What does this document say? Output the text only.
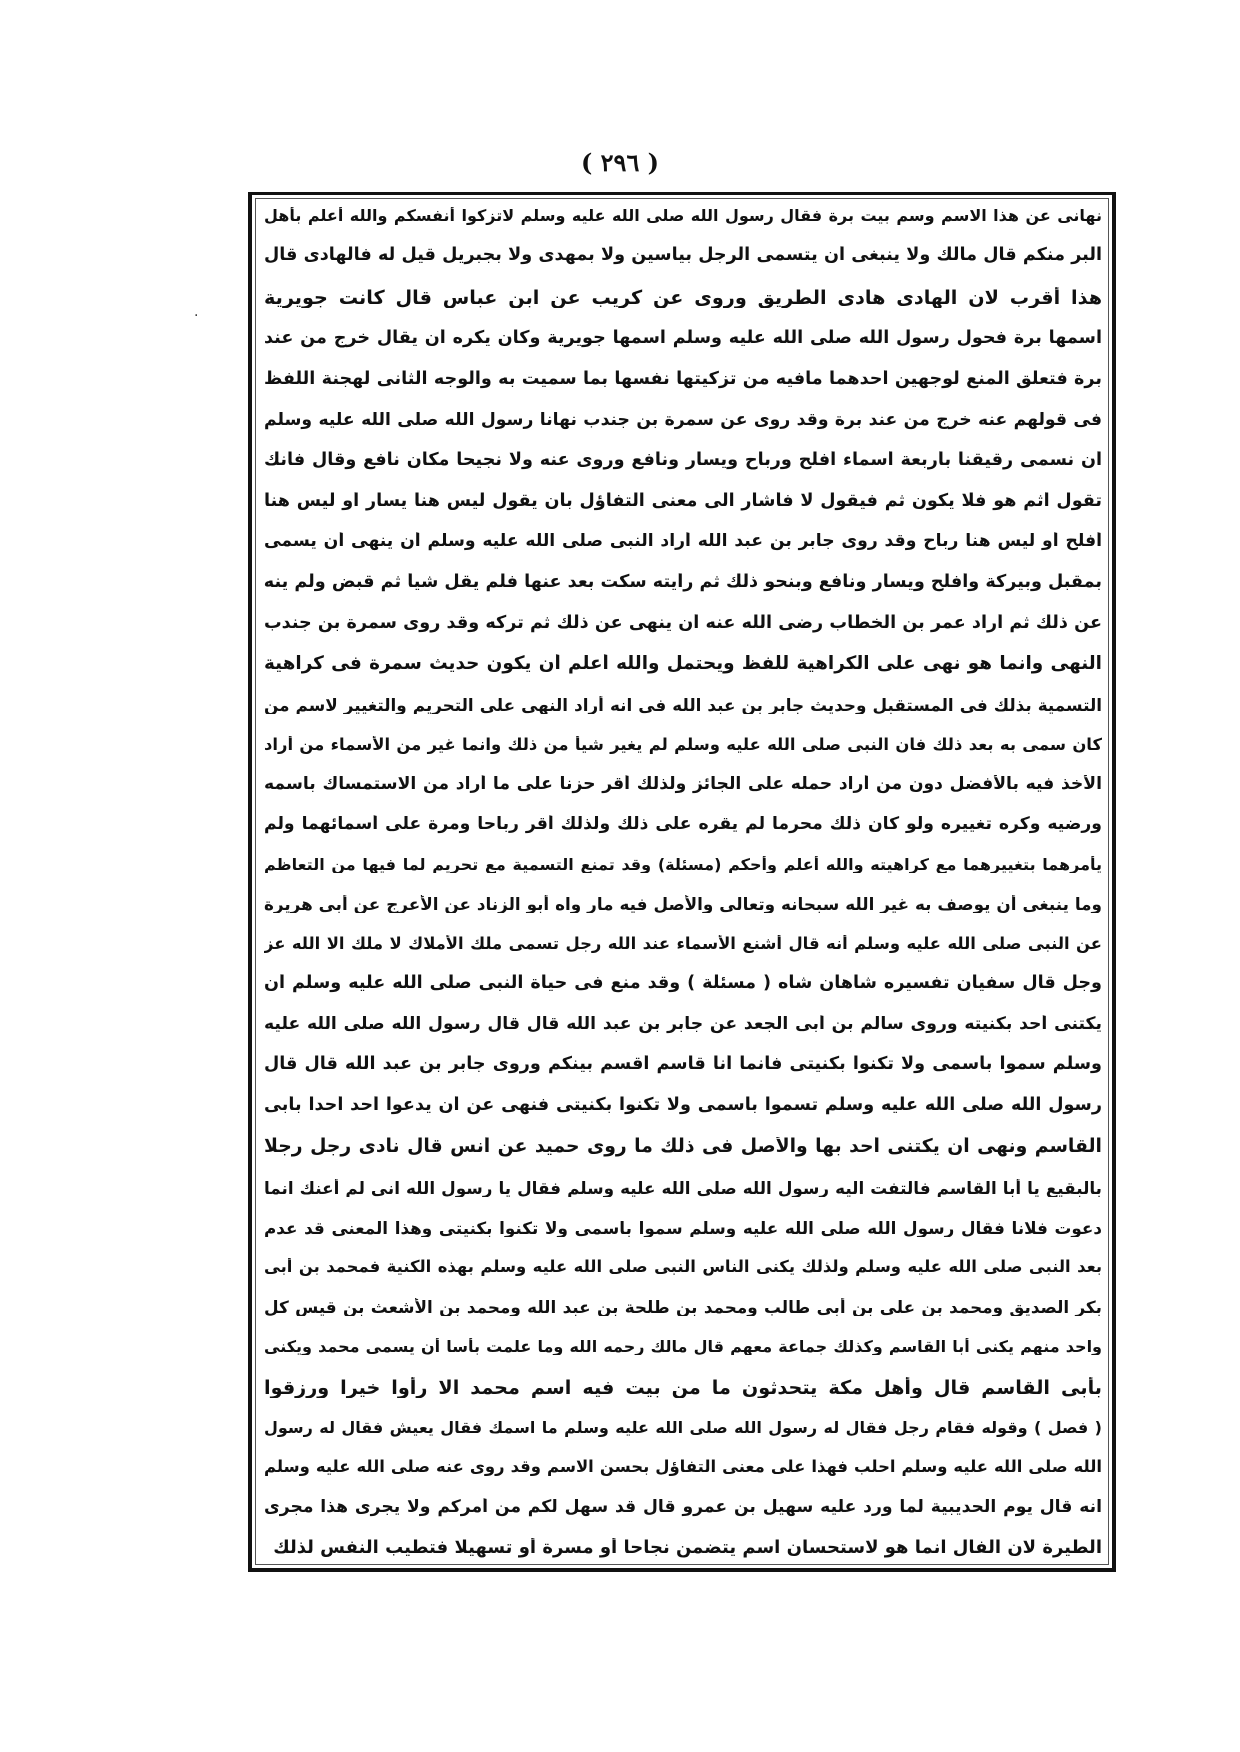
( ٢٩٦ )
·
نهانى عن هذا الاسم وسم بيت برة فقال رسول الله صلى الله عليه وسلم لاتزكوا أنفسكم والله أعلم بأهل
البر منكم قال مالك ولا ينبغى أن يتسمى الرجل بياسين ولا بمهدى ولا بجبريل قيل له فالهادى قال
هذا أقرب لان الهادى هادى الطريق وروى عن كريب عن ابن عباس قال كانت جويرية
اسمها برة فحول رسول الله صلى الله عليه وسلم اسمها جويرية وكان يكره أن يقال خرج من عند
برة فتعلق المنع لوجهين أحدهما مافيه من تزكيتها نفسها بما سميت به والوجه الثانى لهجنة اللفظ
فى قولهم عنه خرج من عند برة وقد روى عن سمرة بن جندب نهانا رسول الله صلى الله عليه وسلم
أن نسمى رقيقنا بأربعة أسماء أفلح ورباح ويسار ونافع وروى عنه ولا نجيحا مكان نافع وقال فانك
تقول أثم هو فلا يكون ثم فيقول لا فأشار الى معنى التفاؤل بأن يقول ليس هنا يسار أو ليس هنا
أفلح أو ليس هنا رباح وقد روى جابر بن عبد الله أراد النبى صلى الله عليه وسلم أن ينهى أن يسمى
بمقبل وبيركة وأفلح ويسار ونافع وبنحو ذلك ثم رأيته سكت بعد عنها فلم يقل شيأ ثم قبض ولم ينه
عن ذلك ثم أراد عمر بن الخطاب رضى الله عنه أن ينهى عن ذلك ثم تركه وقد روى سمرة بن جندب
النهى وانما هو نهى على الكراهية للفظ ويحتمل والله أعلم أن يكون حديث سمرة فى كراهية
التسمية بذلك فى المستقبل وحديث جابر بن عبد الله فى انه أراد النهى على التحريم والتغيير لاسم من
كان سمى به بعد ذلك فان النبى صلى الله عليه وسلم لم يغير شيأ من ذلك وانما غير من الأسماء من أراد
الأخذ فيه بالأفضل دون من أراد حمله على الجائز ولذلك أقر حزنا على ما أراد من الاستمساك باسمه
ورضيه وكره تغييره ولو كان ذلك محرما لم يقره على ذلك ولذلك أقر رباحا ومرة على أسمائهما ولم
يأمرهما بتغييرهما مع كراهيته والله أعلم وأحكم (مسئلة) وقد تمنع التسمية مع تحريم لما فيها من التعاظم
وما ينبغى أن يوصف به غير الله سبحانه وتعالى والأصل فيه مار واه أبو الزناد عن الأعرج عن أبى هريرة
عن النبى صلى الله عليه وسلم أنه قال أشنع الأسماء عند الله رجل تسمى ملك الأملاك لا ملك الا الله عز
وجل قال سفيان تفسيره شاهان شاه ( مسئلة ) وقد منع فى حياة النبى صلى الله عليه وسلم أن
يكتنى أحد بكنيته وروى سالم بن أبى الجعد عن جابر بن عبد الله قال قال رسول الله صلى الله عليه
وسلم سموا باسمى ولا تكنوا بكنيتى فانما أنا قاسم أقسم بينكم وروى جابر بن عبد الله قال قال
رسول الله صلى الله عليه وسلم تسموا باسمى ولا تكنوا بكنيتى فنهى عن أن يدعوا أحد أحدا بأبى
القاسم ونهى أن يكتنى أحد بها والأصل فى ذلك ما روى حميد عن أنس قال نادى رجل رجلا
بالبقيع يا أبا القاسم فالتفت اليه رسول الله صلى الله عليه وسلم فقال يا رسول الله انى لم أعنك انما
دعوت فلانا فقال رسول الله صلى الله عليه وسلم سموا باسمى ولا تكنوا بكنيتى وهذا المعنى قد عدم
بعد النبى صلى الله عليه وسلم ولذلك يكنى الناس النبى صلى الله عليه وسلم بهذه الكنية فمحمد بن أبى
بكر الصديق ومحمد بن على بن أبى طالب ومحمد بن طلحة بن عبد الله ومحمد بن الأشعث بن قيس كل
واحد منهم يكنى أبا القاسم وكذلك جماعة معهم قال مالك رحمه الله وما علمت بأسا أن يسمى محمد ويكنى
بأبى القاسم قال وأهل مكة يتحدثون ما من بيت فيه اسم محمد الا رأوا خيرا ورزقوا
( فصل ) وقوله فقام رجل فقال له رسول الله صلى الله عليه وسلم ما اسمك فقال يعيش فقال له رسول
الله صلى الله عليه وسلم احلب فهذا على معنى التفاؤل بحسن الاسم وقد روى عنه صلى الله عليه وسلم
انه قال يوم الحديبية لما ورد عليه سهيل بن عمرو قال قد سهل لكم من أمركم ولا يجرى هذا مجرى
الطيرة لان الفال انما هو لاستحسان اسم يتضمن نجاحا أو مسرة أو تسهيلا فتطيب النفس لذلك
